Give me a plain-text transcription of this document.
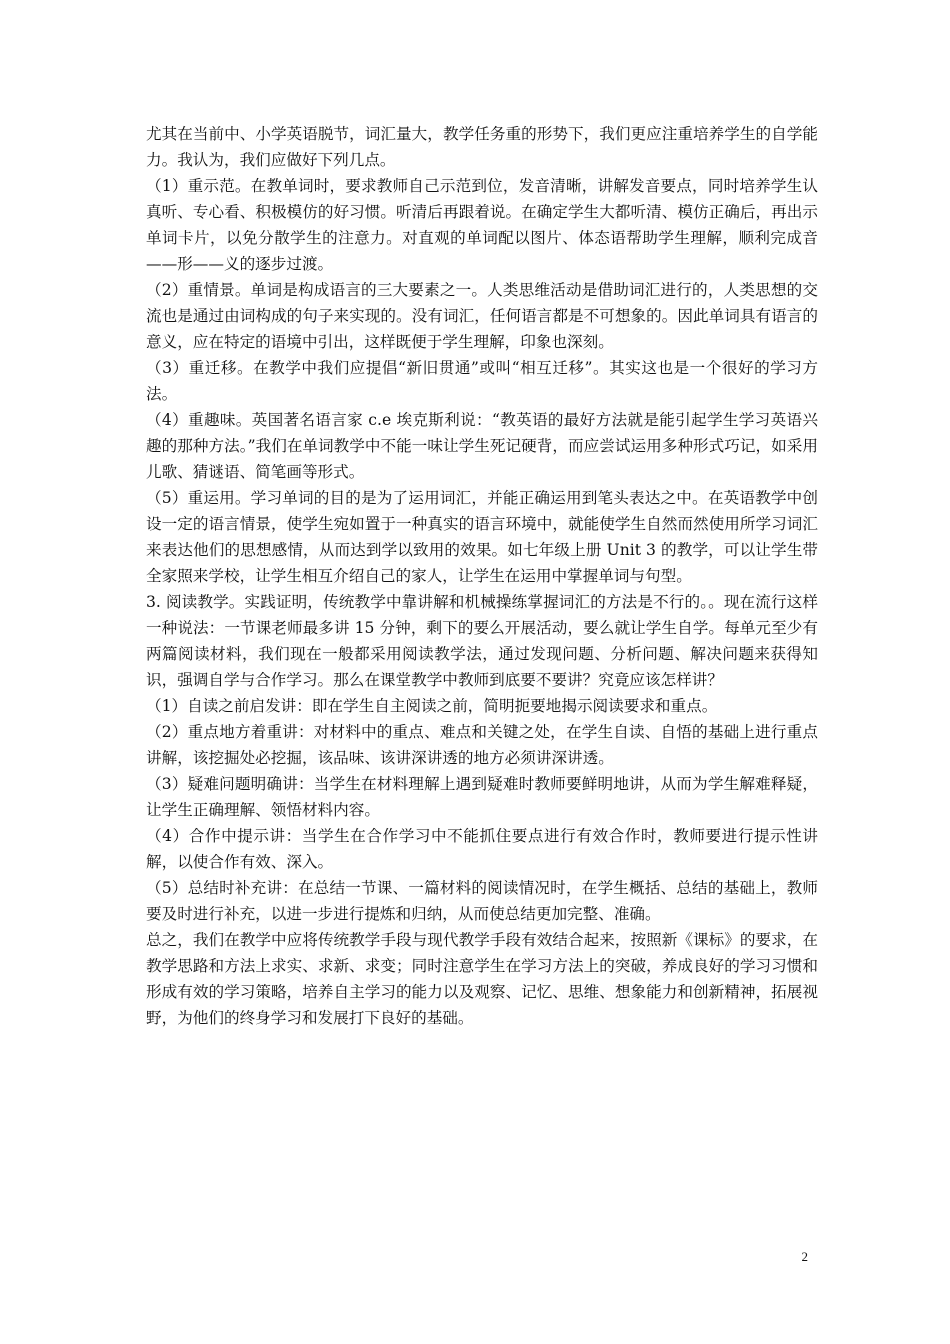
尤其在当前中、小学英语脱节，词汇量大，教学任务重的形势下，我们更应注重培养学生的自学能力。我认为，我们应做好下列几点。

（1）重示范。在教单词时，要求教师自己示范到位，发音清晰，讲解发音要点，同时培养学生认真听、专心看、积极模仿的好习惯。听清后再跟着说。在确定学生大都听清、模仿正确后，再出示单词卡片，以免分散学生的注意力。对直观的单词配以图片、体态语帮助学生理解，顺利完成音——形——义的逐步过渡。

（2）重情景。单词是构成语言的三大要素之一。人类思维活动是借助词汇进行的，人类思想的交流也是通过由词构成的句子来实现的。没有词汇，任何语言都是不可想象的。因此单词具有语言的意义，应在特定的语境中引出，这样既便于学生理解，印象也深刻。

（3）重迁移。在教学中我们应提倡“新旧贯通”或叫“相互迁移”。其实这也是一个很好的学习方法。

（4）重趣味。英国著名语言家 c.e 埃克斯利说：“教英语的最好方法就是能引起学生学习英语兴趣的那种方法。”我们在单词教学中不能一味让学生死记硬背，而应尝试运用多种形式巧记，如采用儿歌、猜谜语、简笔画等形式。

（5）重运用。学习单词的目的是为了运用词汇，并能正确运用到笔头表达之中。在英语教学中创设一定的语言情景，使学生宛如置于一种真实的语言环境中，就能使学生自然而然使用所学习词汇来表达他们的思想感情，从而达到学以致用的效果。如七年级上册 Unit 3 的教学，可以让学生带全家照来学校，让学生相互介绍自己的家人，让学生在运用中掌握单词与句型。

3. 阅读教学。实践证明，传统教学中靠讲解和机械操练掌握词汇的方法是不行的。。现在流行这样一种说法：一节课老师最多讲 15 分钟，剩下的要么开展活动，要么就让学生自学。每单元至少有两篇阅读材料，我们现在一般都采用阅读教学法，通过发现问题、分析问题、解决问题来获得知识，强调自学与合作学习。那么在课堂教学中教师到底要不要讲？究竟应该怎样讲？

（1）自读之前启发讲：即在学生自主阅读之前，简明扼要地揭示阅读要求和重点。

（2）重点地方着重讲：对材料中的重点、难点和关键之处，在学生自读、自悟的基础上进行重点讲解，该挖掘处必挖掘，该品味、该讲深讲透的地方必须讲深讲透。

（3）疑难问题明确讲：当学生在材料理解上遇到疑难时教师要鲜明地讲，从而为学生解难释疑，让学生正确理解、领悟材料内容。

（4）合作中提示讲：当学生在合作学习中不能抓住要点进行有效合作时，教师要进行提示性讲解，以使合作有效、深入。

（5）总结时补充讲：在总结一节课、一篇材料的阅读情况时，在学生概括、总结的基础上，教师要及时进行补充，以进一步进行提炼和归纳，从而使总结更加完整、准确。

总之，我们在教学中应将传统教学手段与现代教学手段有效结合起来，按照新《课标》的要求，在教学思路和方法上求实、求新、求变；同时注意学生在学习方法上的突破，养成良好的学习习惯和形成有效的学习策略，培养自主学习的能力以及观察、记忆、思维、想象能力和创新精神，拓展视野，为他们的终身学习和发展打下良好的基础。

2
